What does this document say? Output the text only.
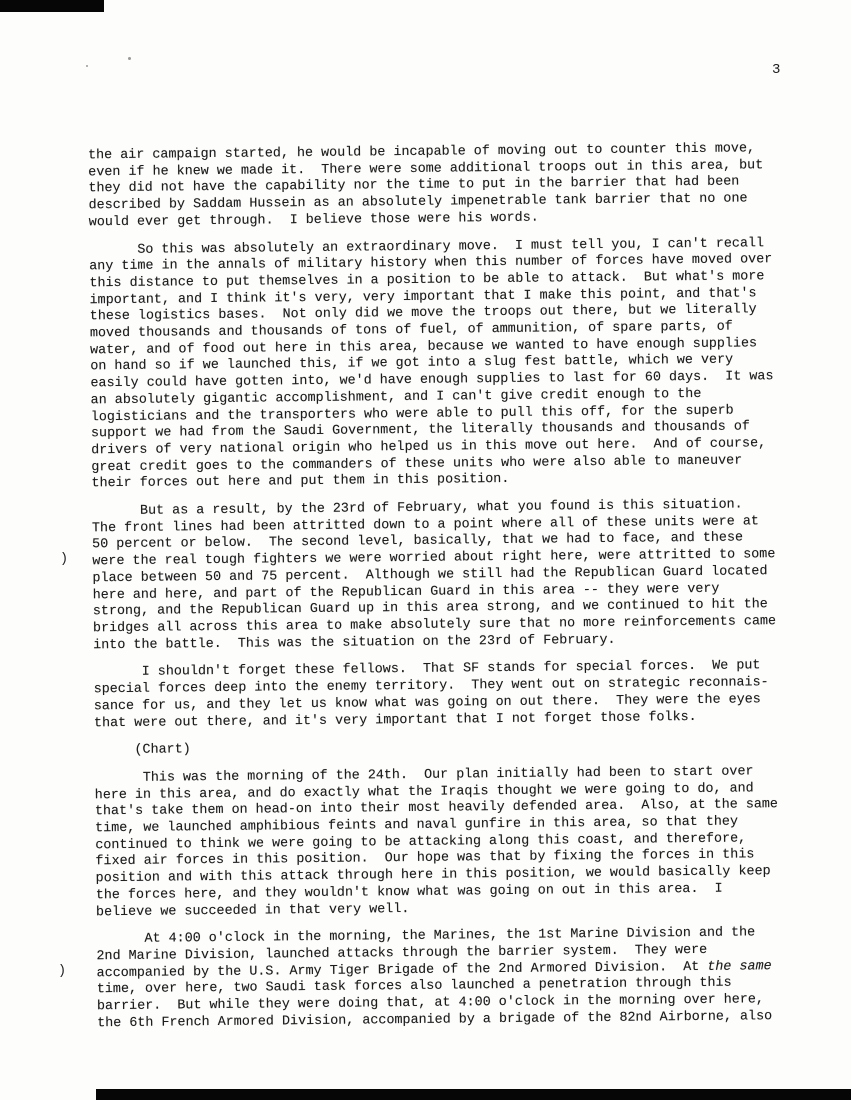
3
)
)
the air campaign started, he would be incapable of moving out to counter this move,
even if he knew we made it.  There were some additional troops out in this area, but
they did not have the capability nor the time to put in the barrier that had been
described by Saddam Hussein as an absolutely impenetrable tank barrier that no one
would ever get through.  I believe those were his words.
So this was absolutely an extraordinary move.  I must tell you, I can't recall
any time in the annals of military history when this number of forces have moved over
this distance to put themselves in a position to be able to attack.  But what's more
important, and I think it's very, very important that I make this point, and that's
these logistics bases.  Not only did we move the troops out there, but we literally
moved thousands and thousands of tons of fuel, of ammunition, of spare parts, of
water, and of food out here in this area, because we wanted to have enough supplies
on hand so if we launched this, if we got into a slug fest battle, which we very
easily could have gotten into, we'd have enough supplies to last for 60 days.  It was
an absolutely gigantic accomplishment, and I can't give credit enough to the
logisticians and the transporters who were able to pull this off, for the superb
support we had from the Saudi Government, the literally thousands and thousands of
drivers of very national origin who helped us in this move out here.  And of course,
great credit goes to the commanders of these units who were also able to maneuver
their forces out here and put them in this position.
But as a result, by the 23rd of February, what you found is this situation.
The front lines had been attritted down to a point where all of these units were at
50 percent or below.  The second level, basically, that we had to face, and these
were the real tough fighters we were worried about right here, were attritted to some
place between 50 and 75 percent.  Although we still had the Republican Guard located
here and here, and part of the Republican Guard in this area -- they were very
strong, and the Republican Guard up in this area strong, and we continued to hit the
bridges all across this area to make absolutely sure that no more reinforcements came
into the battle.  This was the situation on the 23rd of February.
I shouldn't forget these fellows.  That SF stands for special forces.  We put
special forces deep into the enemy territory.  They went out on strategic reconnais-
sance for us, and they let us know what was going on out there.  They were the eyes
that were out there, and it's very important that I not forget those folks.
(Chart)
This was the morning of the 24th.  Our plan initially had been to start over
here in this area, and do exactly what the Iraqis thought we were going to do, and
that's take them on head-on into their most heavily defended area.  Also, at the same
time, we launched amphibious feints and naval gunfire in this area, so that they
continued to think we were going to be attacking along this coast, and therefore,
fixed air forces in this position.  Our hope was that by fixing the forces in this
position and with this attack through here in this position, we would basically keep
the forces here, and they wouldn't know what was going on out in this area.  I
believe we succeeded in that very well.
At 4:00 o'clock in the morning, the Marines, the 1st Marine Division and the
2nd Marine Division, launched attacks through the barrier system.  They were
accompanied by the U.S. Army Tiger Brigade of the 2nd Armored Division.  At the same
time, over here, two Saudi task forces also launched a penetration through this
barrier.  But while they were doing that, at 4:00 o'clock in the morning over here,
the 6th French Armored Division, accompanied by a brigade of the 82nd Airborne, also
